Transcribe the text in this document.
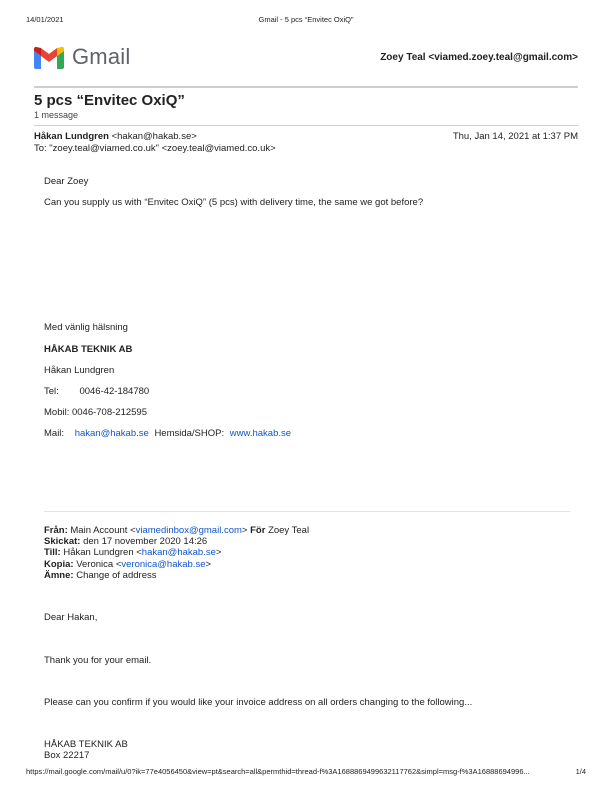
14/01/2021	Gmail - 5 pcs “Envitec OxiQ”
Gmail	Zoey Teal <viamed.zoey.teal@gmail.com>
5 pcs “Envitec OxiQ”
1 message
Håkan Lundgren <hakan@hakab.se>	Thu, Jan 14, 2021 at 1:37 PM
To: "zoey.teal@viamed.co.uk" <zoey.teal@viamed.co.uk>
Dear Zoey
Can you supply us with “Envitec OxiQ” (5 pcs) with delivery time, the same we got before?
Med vänlig hälsning
HÅKAB TEKNIK AB
Håkan Lundgren
Tel: 0046-42-184780
Mobil: 0046-708-212595
Mail: hakan@hakab.se Hemsida/SHOP: www.hakab.se
Från: Main Account <viamedinbox@gmail.com> För Zoey Teal
Skickat: den 17 november 2020 14:26
Till: Håkan Lundgren <hakan@hakab.se>
Kopia: Veronica <veronica@hakab.se>
Ämne: Change of address
Dear Hakan,
Thank you for your email.
Please can you confirm if you would like your invoice address on all orders changing to the following...
HÅKAB TEKNIK AB
Box 22217
https://mail.google.com/mail/u/0?ik=77e4056450&view=pt&search=all&permthid=thread-f%3A1688869499632117762&simpl=msg-f%3A16888694996...	1/4
